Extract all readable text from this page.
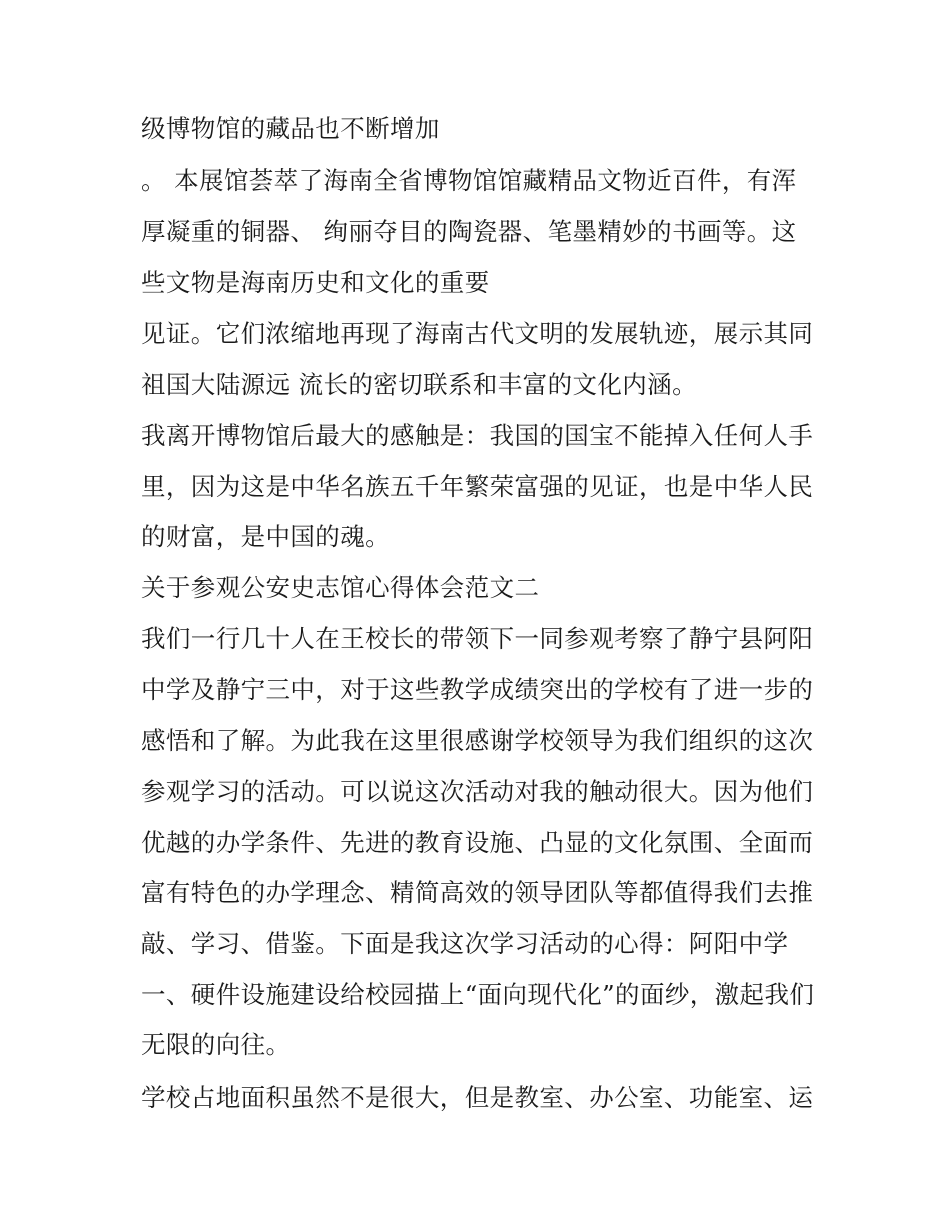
级博物馆的藏品也不断增加
。 本展馆荟萃了海南全省博物馆馆藏精品文物近百件，有浑
厚凝重的铜器、 绚丽夺目的陶瓷器、笔墨精妙的书画等。这
些文物是海南历史和文化的重要
见证。它们浓缩地再现了海南古代文明的发展轨迹，展示其同
祖国大陆源远 流长的密切联系和丰富的文化内涵。
我离开博物馆后最大的感触是：我国的国宝不能掉入任何人手
里，因为这是中华名族五千年繁荣富强的见证，也是中华人民
的财富，是中国的魂。
关于参观公安史志馆心得体会范文二
我们一行几十人在王校长的带领下一同参观考察了静宁县阿阳
中学及静宁三中，对于这些教学成绩突出的学校有了进一步的
感悟和了解。为此我在这里很感谢学校领导为我们组织的这次
参观学习的活动。可以说这次活动对我的触动很大。因为他们
优越的办学条件、先进的教育设施、凸显的文化氛围、全面而
富有特色的办学理念、精简高效的领导团队等都值得我们去推
敲、学习、借鉴。下面是我这次学习活动的心得：阿阳中学
一、硬件设施建设给校园描上“面向现代化”的面纱，激起我们
无限的向往。
学校占地面积虽然不是很大，但是教室、办公室、功能室、运
